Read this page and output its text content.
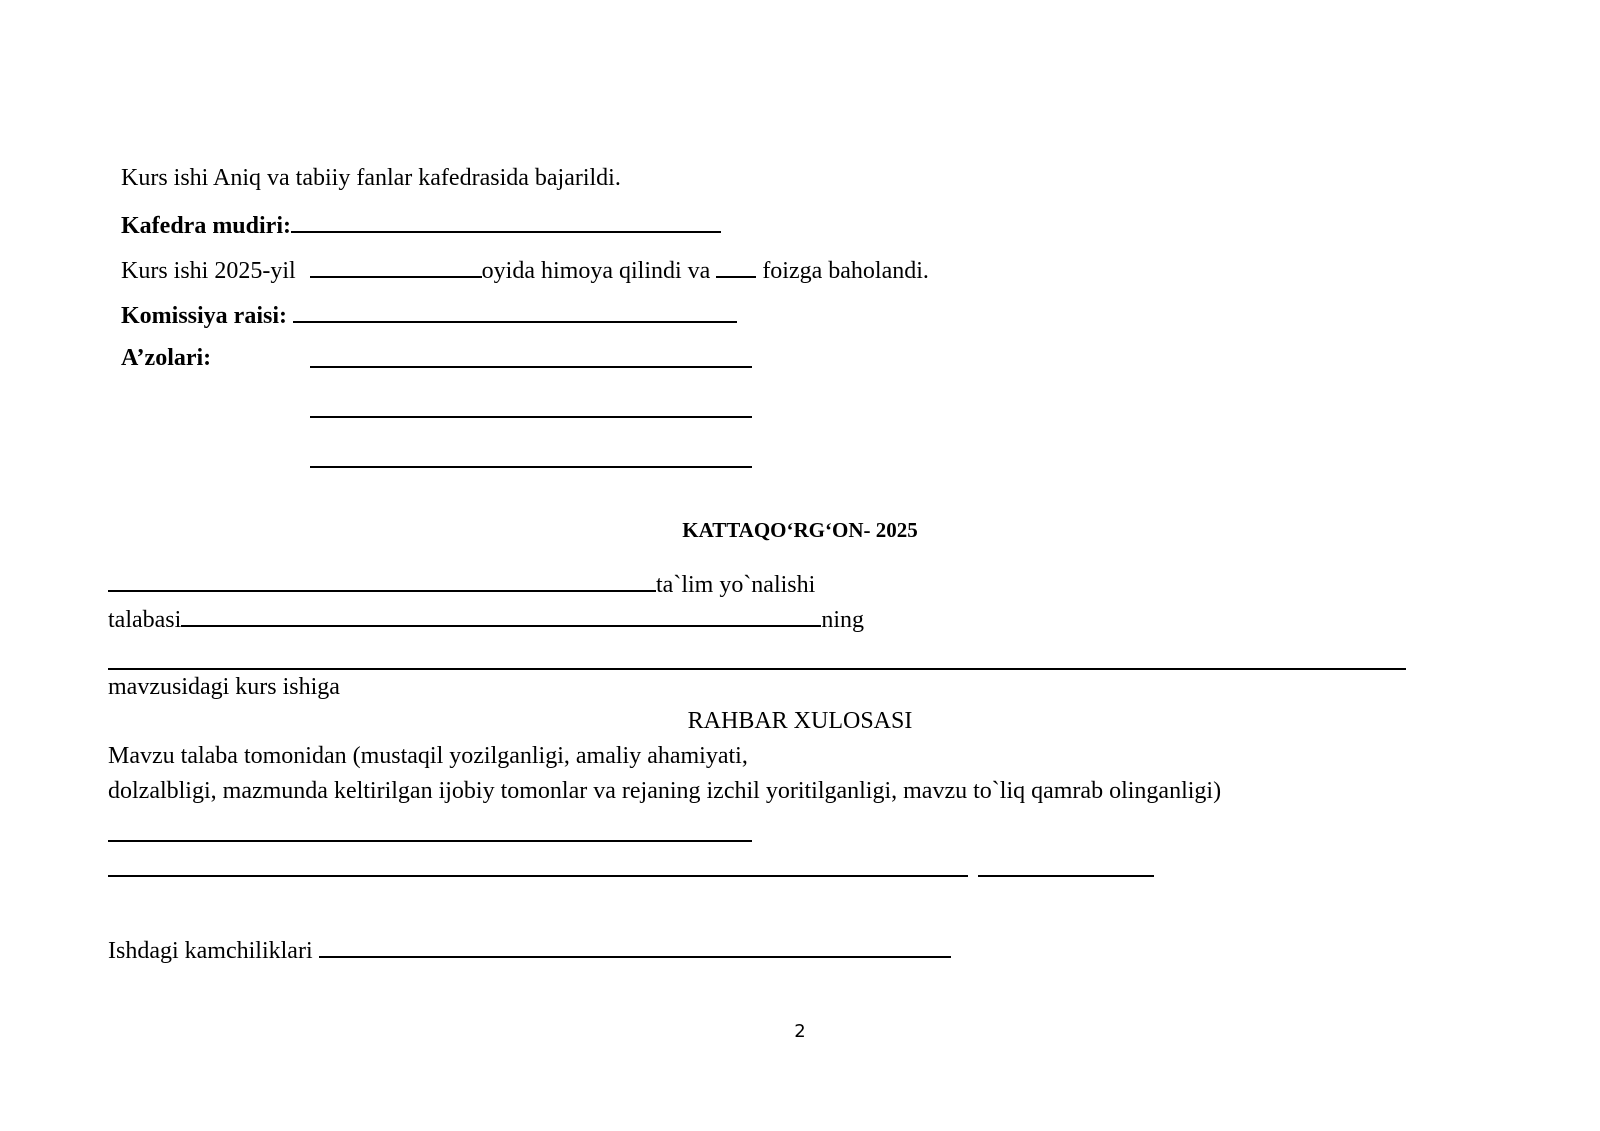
Kurs ishi Aniq va tabiiy fanlar kafedrasida bajarildi.
Kafedra mudiri:
Kurs ishi 2025-yil	oyida himoya qilindi va foizga baholandi.
Komissiya raisi:
A’zolari:
KATTAQO‘RG‘ON- 2025
ta`lim yo`nalishi
talabasi	ning
mavzusidagi kurs ishiga
RAHBAR XULOSASI
Mavzu talaba tomonidan (mustaqil yozilganligi, amaliy ahamiyati,
dolzalbligi, mazmunda keltirilgan ijobiy tomonlar va rejaning izchil yoritilganligi, mavzu to`liq qamrab olinganligi)

Ishdagi kamchiliklari
2
